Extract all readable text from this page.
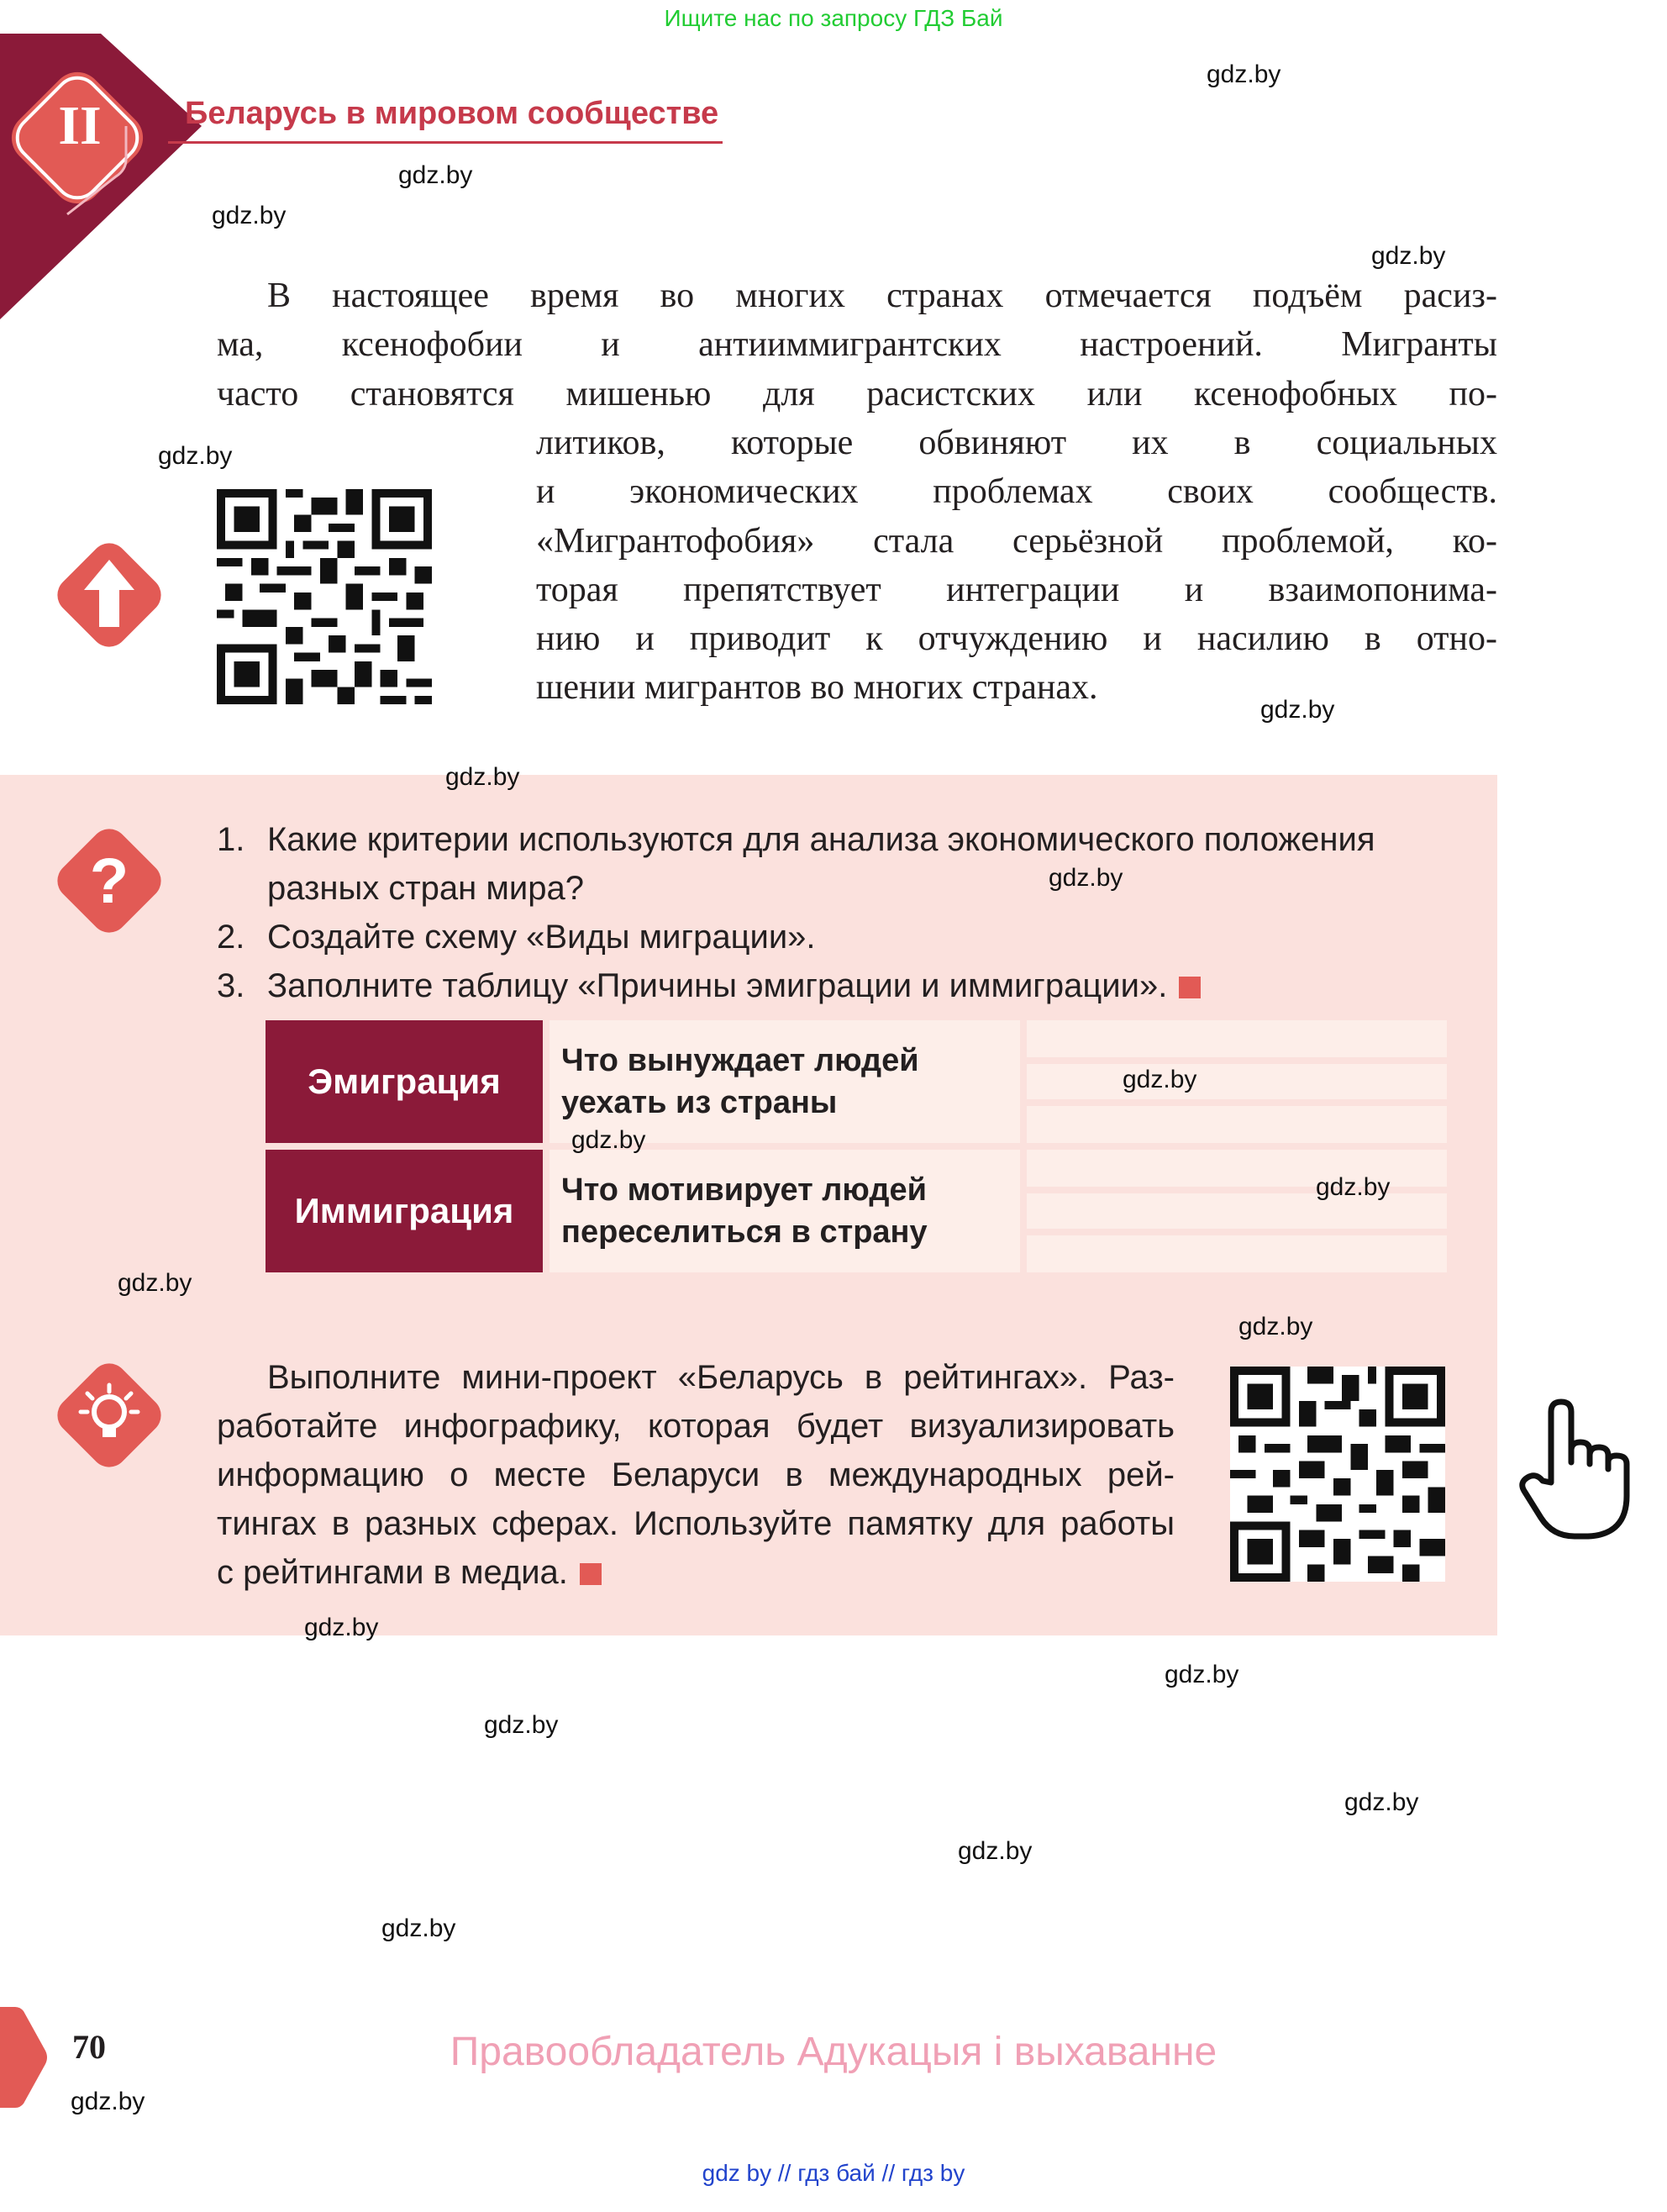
Ищите нас по запросу ГДЗ Бай
II	Беларусь в мировом сообществе
В настоящее время во многих странах отмечается подъём расиз-
ма, ксенофобии и антииммигрантских настроений. Мигранты
часто становятся мишенью для расистских или ксенофобных по-
литиков, которые обвиняют их в социальных
и экономических проблемах своих сообществ.
«Мигрантофобия» стала серьёзной проблемой, ко-
торая препятствует интеграции и взаимопонима-
нию и приводит к отчуждению и насилию в отно-
шении мигрантов во многих странах.
?
1. Какие критерии используются для анализа экономического положения
разных стран мира?
2. Создайте схему «Виды миграции».
3. Заполните таблицу «Причины эмиграции и иммиграции».
Эмиграция
Что вынуждает людей
уехать из страны
Иммиграция
Что мотивирует людей
переселиться в страну
Выполните мини-проект «Беларусь в рейтингах». Раз-
работайте инфографику, которая будет визуализировать
информацию о месте Беларуси в международных рей-
тингах в разных сферах. Используйте памятку для работы
с рейтингами в медиа.
70	Правообладатель Адукацыя і выхаванне
gdz by // гдз бай // гдз by
gdz.by
gdz.by
gdz.by
gdz.by
gdz.by
gdz.by
gdz.by
gdz.by
gdz.by
gdz.by
gdz.by
gdz.by
gdz.by
gdz.by
gdz.by
gdz.by
gdz.by
gdz.by
gdz.by
gdz.by
